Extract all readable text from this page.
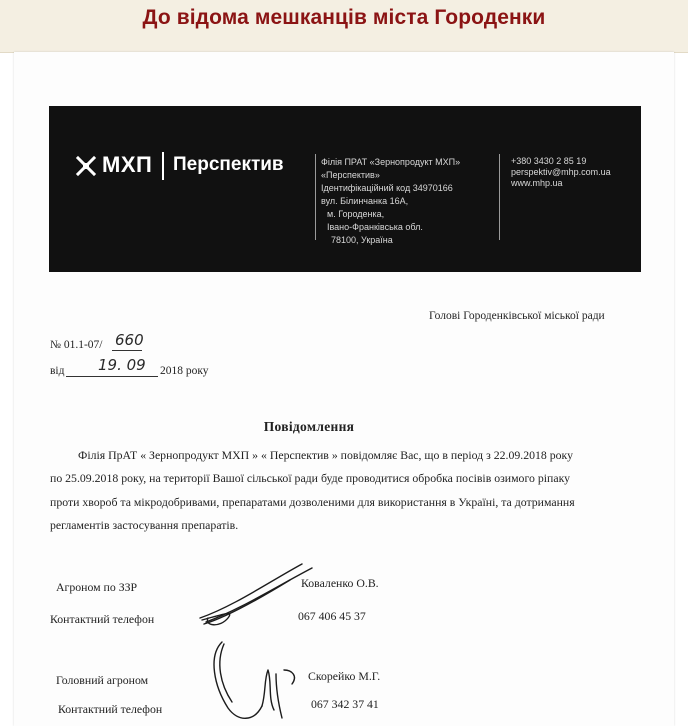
До відома мешканців міста Городенки
МХП Перспектив	Філія ПРАТ «Зернопродукт МХП»
«Перспектив»
Ідентифікаційний код 34970166
вул. Білинчанка 16А,
м. Городенка,
Івано-Франківська обл.
78100, Україна
+380 3430 2 85 19
perspektiv@mhp.com.ua
www.mhp.ua
Голові Городенківської міської ради
№ 01.1-07/ 660
від 19. 09 2018 року
Повідомлення
Філія ПрАТ « Зернопродукт МХП » « Перспектив » повідомляє Вас, що в період з 22.09.2018 року
по 25.09.2018 року, на території Вашої сільської ради буде проводитися обробка посівів озимого ріпаку
проти хвороб та мікродобривами, препаратами дозволеними для використання в Україні, та дотримання
регламентів застосування препаратів.
Агроном по ЗЗР	Коваленко О.В.
Контактний телефон	067 406 45 37
Головний агроном	Скорейко М.Г.
Контактний телефон	067 342 37 41
